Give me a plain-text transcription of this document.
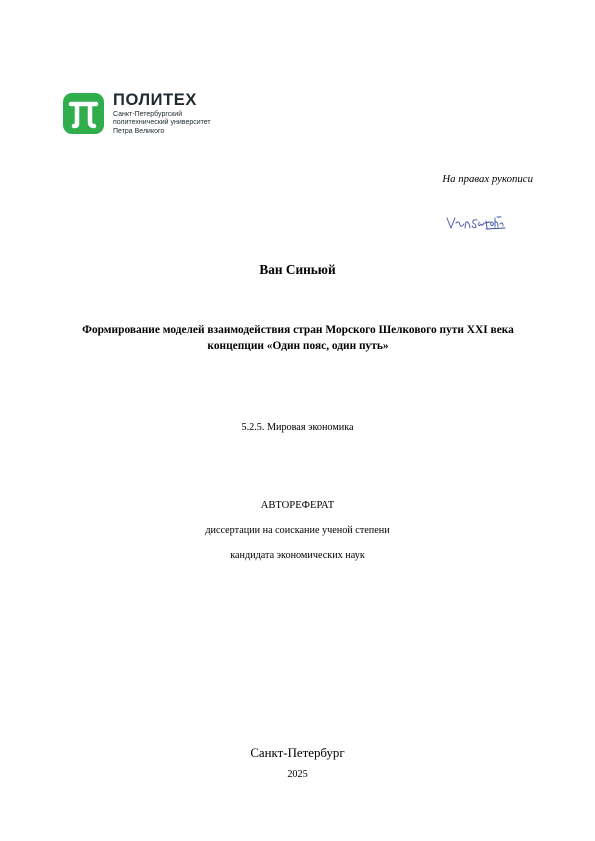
ПОЛИТЕХ
Санкт-Петербургский
политехнический университет
Петра Великого
На правах рукописи
Ван Синьюй
Формирование моделей взаимодействия стран Морского Шелкового пути XXI века концепции «Один пояс, один путь»
5.2.5. Мировая экономика
АВТОРЕФЕРАТ
диссертации на соискание ученой степени
кандидата экономических наук
Санкт-Петербург
2025
